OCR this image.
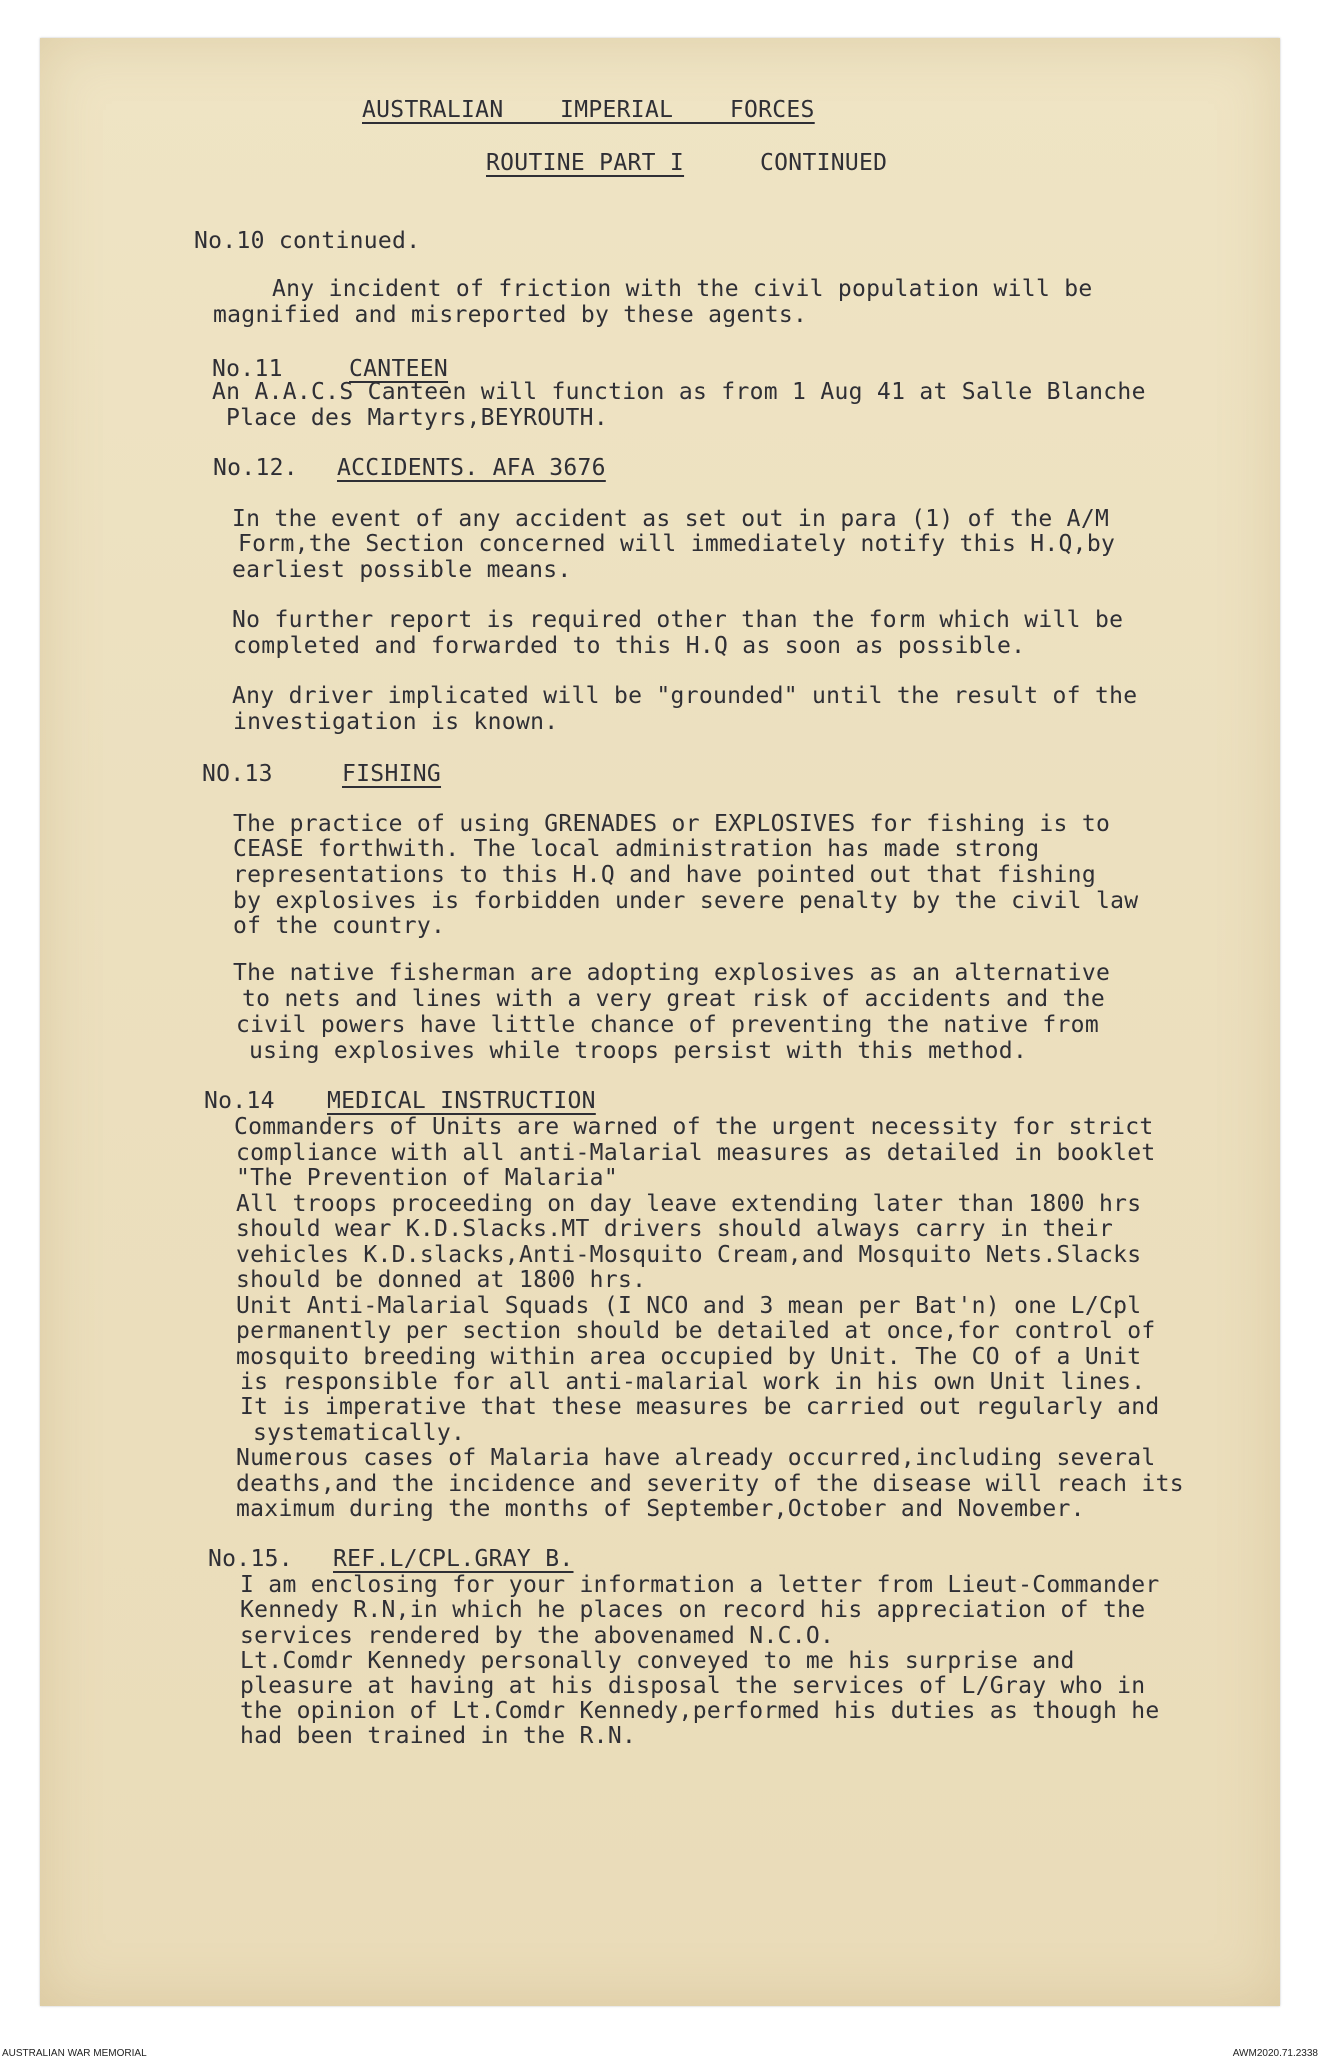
AUSTRALIAN    IMPERIAL    FORCES
ROUTINE PART I	CONTINUED
No.10 continued.
Any incident of friction with the civil population will be
magnified and misreported by these agents.
No.11	CANTEEN
An A.A.C.S Canteen will function as from 1 Aug 41 at Salle Blanche
Place des Martyrs,BEYROUTH.
No.12. ACCIDENTS. AFA 3676
In the event of any accident as set out in para (1) of the A/M
Form,the Section concerned will immediately notify this H.Q,by
earliest possible means.
No further report is required other than the form which will be
completed and forwarded to this H.Q as soon as possible.
Any driver implicated will be "grounded" until the result of the
investigation is known.
NO.13	FISHING
The practice of using GRENADES or EXPLOSIVES for fishing is to
CEASE forthwith. The local administration has made strong
representations to this H.Q and have pointed out that fishing
by explosives is forbidden under severe penalty by the civil law
of the country.
The native fisherman are adopting explosives as an alternative
to nets and lines with a very great risk of accidents and the
civil powers have little chance of preventing the native from
using explosives while troops persist with this method.
No.14 MEDICAL INSTRUCTION
Commanders of Units are warned of the urgent necessity for strict
compliance with all anti-Malarial measures as detailed in booklet
"The Prevention of Malaria"
All troops proceeding on day leave extending later than 1800 hrs
should wear K.D.Slacks.MT drivers should always carry in their
vehicles K.D.slacks,Anti-Mosquito Cream,and Mosquito Nets.Slacks
should be donned at 1800 hrs.
Unit Anti-Malarial Squads (I NCO and 3 mean per Bat'n) one L/Cpl
permanently per section should be detailed at once,for control of
mosquito breeding within area occupied by Unit. The CO of a Unit
is responsible for all anti-malarial work in his own Unit lines.
It is imperative that these measures be carried out regularly and
systematically.
Numerous cases of Malaria have already occurred,including several
deaths,and the incidence and severity of the disease will reach its
maximum during the months of September,October and November.
No.15. REF.L/CPL.GRAY B.
I am enclosing for your information a letter from Lieut-Commander
Kennedy R.N,in which he places on record his appreciation of the
services rendered by the abovenamed N.C.O.
Lt.Comdr Kennedy personally conveyed to me his surprise and
pleasure at having at his disposal the services of L/Gray who in
the opinion of Lt.Comdr Kennedy,performed his duties as though he
had been trained in the R.N.
AUSTRALIAN WAR MEMORIAL	AWM2020.71.2338
